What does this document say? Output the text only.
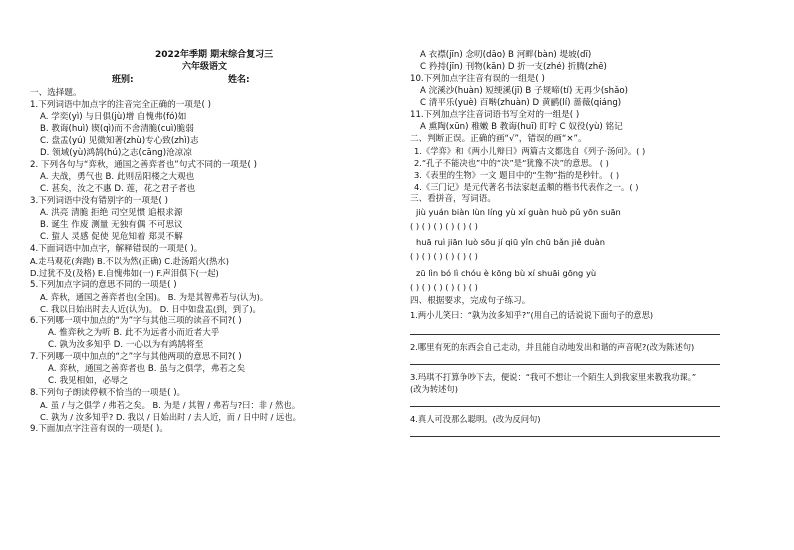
2022年季期 期末综合复习三
六年级语文
班别:	姓名:
一、选择题。
1.下列词语中加点字的注音完全正确的一项是( )
A. 学奕(yì) 与日俱(jù)增 自愧弗(fó)如
B. 教诲(huì) 锲(qì)而不舍清脆(cuì)脆弱
C. 盘盂(yú) 见微知著(zhù)专心致(zhì)志
D. 领域(yù)鸿鹄(hú)之志(cāng)沧凉凉
2. 下列各句与“弈秋，通国之善弈者也”句式不同的一项是( )
A. 夫战，勇气也 B. 此则岳阳楼之大观也
C. 甚矣，汝之不惠 D. 莲，花之君子者也
3.下列词语中没有错别字的一项是( )
A. 洪亮 清脆 拒绝 司空见惯 追根求源
B. 诞生 作废 测量 无独有偶 不可思议
C. 蜇人 灵感 促使 见危知着 郑灵不解
4.下面词语中加点字，解释错误的一项是( )。
A.走马观花(奔跑) B.不以为然(正确) C.赴汤蹈火(热水)
D.过犹不及(及格) E.自愧弗如(一) F.声泪俱下(一起)
5.下列加点字词的意思不同的一项是( )
A. 弈秋，通国之善弈者也(全国)。 B. 为是其智弗若与(认为)。
C. 我以日始出时去人近(认为)。 D. 日中如盘盂(到，到了)。
6.下列哪一项中加点的“为”字与其他三项的读音不同?( )
A. 惟弈秋之为听 B. 此不为远者小而近者大乎
C. 孰为汝多知乎 D. 一心以为有鸿鹄将至
7.下列哪一项中加点的“之”字与其他两项的意思不同?( )
A. 弈秋，通国之善弈者也 B. 虽与之俱学，弗若之矣
C. 我见相如，必辱之
8.下列句子朗读停顿不恰当的一项是( )。
A. 虽 / 与之俱学 / 弗若之矣。 B. 为是 / 其智 / 弗若与?曰：非 / 然也。
C. 孰为 / 汝多知乎? D. 我以 / 日始出时 / 去人近，而 / 日中时 / 远也。
9.下面加点字注音有误的一项是( )。
A 衣襟(jīn) 念叨(dāo) B 河畔(bàn) 堤坡(dī)
C 矜持(jīn) 刊物(kān) D 折一支(zhé) 折腾(zhē)
10.下列加点字注音有误的一组是( )
A 浣溪沙(huàn) 短绠溪(jī) B 子规啼(tí) 无再少(shǎo)
C 清平乐(yuè) 百啭(zhuàn) D 黄鹂(lí) 蔷薇(qiáng)
11.下列加点字注音词语书写全对的一组是( )
A 熏陶(xūn) 稚嫩 B 教诲(huī) 盯咛 C 奴役(yù) 铭记
二、判断正误。正确的画“√”，错误的画“×”。
1.《学弈》和《两小儿辩日》两篇古文都选自《列子·汤问》。( )
2.“孔子不能决也”中的“决”是“犹豫不决”的意思。 ( )
3.《表里的生物》一文 题目中的“生物”指的是秒针。 ( )
4.《三门记》是元代著名书法家赵孟頫的楷书代表作之一。( )
三、看拼音，写词语。
jiù yuán biàn lùn líng yù xí guàn huò pǔ yōn suān
( ) ( ) ( ) ( ) ( ) ( )
huā ruì jiān luò sōu jí qiū yǐn chū bǎn jiě duàn
( ) ( ) ( ) ( ) ( ) ( )
zū lìn bó lì chóu è kōng bù xí shuāi gōng yù
( ) ( ) ( ) ( ) ( ) ( )
四、根据要求，完成句子练习。
1.两小儿笑曰：“孰为汝多知乎?”(用自己的话说说下面句子的意思)
2.哪里有死的东西会自己走动，并且能自动地发出和谐的声音呢?(改为陈述句)
3.玛琪不打算争吵下去，便说：“我可不想让一个陌生人到我家里来教我功课。”
(改为转述句)
4.真人可没那么聪明。(改为反问句)
